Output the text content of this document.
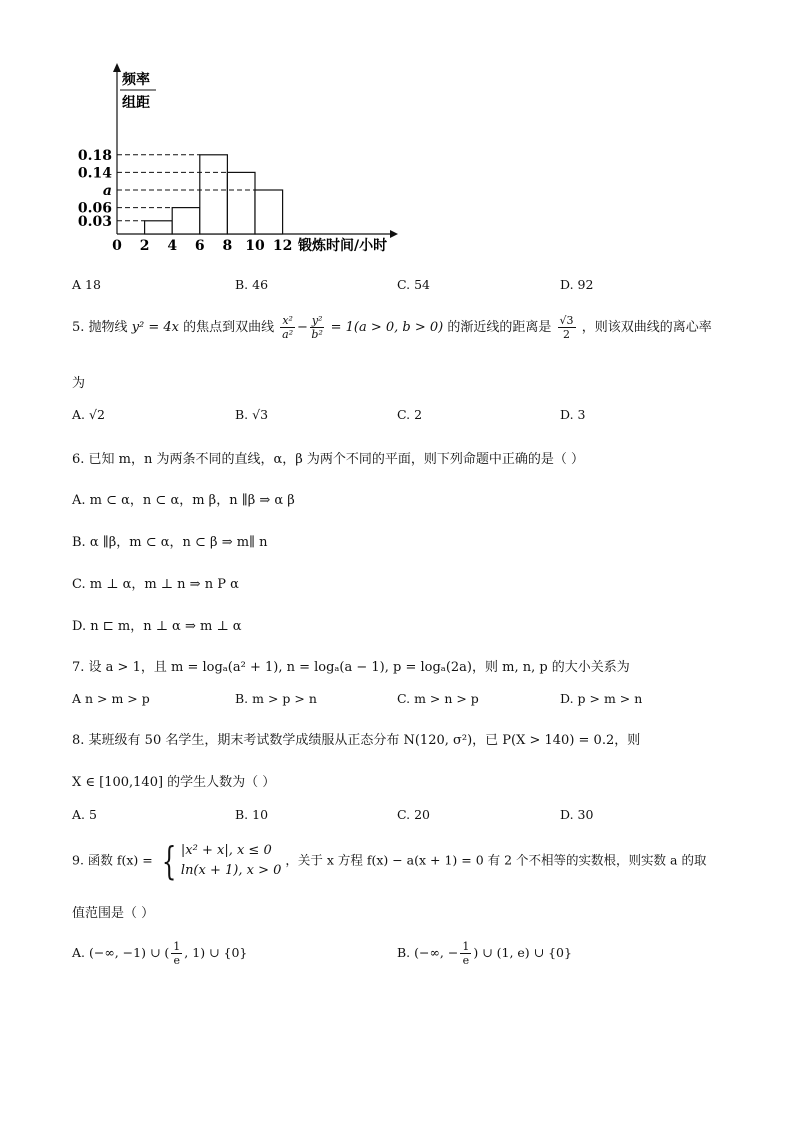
0.18
0.14
a
0.06
0.03
0 2 4 6 8 10 12
频率
组距
锻炼时间/小时
A 18	B. 46	C. 54	D. 92
5. 抛物线 y² = 4x 的焦点到双曲线 $\frac{\text{x²}}{\text{a²}} - \frac{\text{y²}}{\text{b²}} = 1(a > 0$, b > 0) 的渐近线的距离是 $\frac{√3}{2}$ ，则该双曲线的离心率
为
A. √2	B. √3	C. 2	D. 3
6. 已知 m，n 为两条不同的直线，α，β 为两个不同的平面，则下列命题中正确的是（ ）
A. m ⊂ α，n ⊂ α，m β，n ∥β ⇒ α β
B. α ∥β，m ⊂ α，n ⊂ β ⇒ m∥ n
C. m ⊥ α，m ⊥ n ⇒ n P α
D. n ⊏ m，n ⊥ α ⇒ m ⊥ α
7. 设 a > 1，且 m = logₐ(a² + 1), n = logₐ(a − 1), p = logₐ(2a)，则 m, n, p 的大小关系为
A n > m > p	B. m > p > n	C. m > n > p	D. p > m > n
8. 某班级有 50 名学生，期末考试数学成绩服从正态分布 N(120, σ²)，已 P(X > 140) = 0.2，则
X ∈ [100,140] 的学生人数为（ ）
A. 5	B. 10	C. 20	D. 30
9. 函数 f(x) = { |x² + x|, x ≤ 0
ln(x + 1), x > 0
，关于 x 方程 f(x) − a(x + 1) = 0 有 2 个不相等的实数根，则实数 a 的取
值范围是（ ）
A. (−∞, −1) ∪ ( $\frac{1}{e}$ , 1) ∪ {0}	B. (−∞, − $\frac{1}{e}$ ) ∪ (1, e) ∪ {0}
